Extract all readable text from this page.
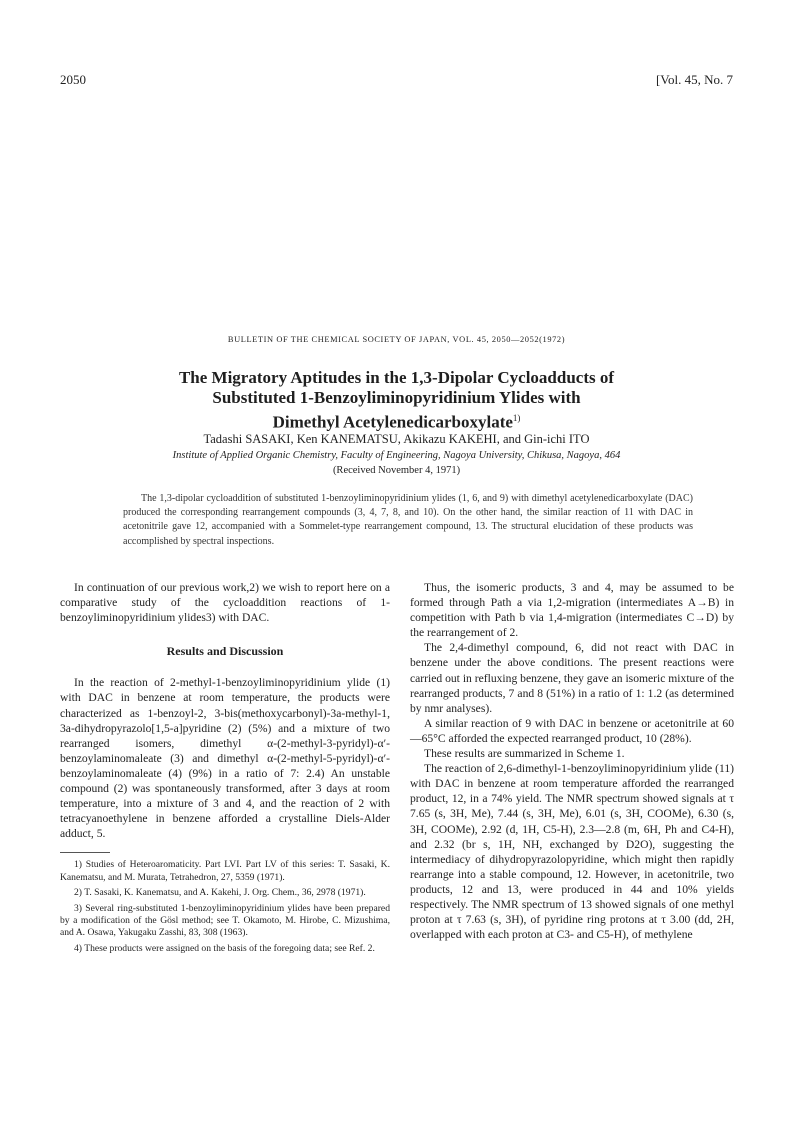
2050	[Vol. 45, No. 7
BULLETIN OF THE CHEMICAL SOCIETY OF JAPAN, VOL. 45, 2050—2052(1972)
The Migratory Aptitudes in the 1,3-Dipolar Cycloadducts of
Substituted 1-Benzoyliminopyridinium Ylides with
Dimethyl Acetylenedicarboxylate$^{1)}$
Tadashi SASAKI, Ken KANEMATSU, Akikazu KAKEHI, and Gin-ichi ITO
Institute of Applied Organic Chemistry, Faculty of Engineering, Nagoya University, Chikusa, Nagoya, 464
(Received November 4, 1971)
The 1,3-dipolar cycloaddition of substituted 1-benzoyliminopyridinium ylides (1, 6, and 9) with dimethyl acetylenedicarboxylate (DAC) produced the corresponding rearrangement compounds (3, 4, 7, 8, and 10). On the other hand, the similar reaction of 11 with DAC in acetonitrile gave 12, accompanied with a Sommelet-type rearrangement compound, 13. The structural elucidation of these products was accomplished by spectral inspections.

In continuation of our previous work,2) we wish to report here on a comparative study of the cycloaddition reactions of 1-benzoyliminopyridinium ylides3) with DAC.

Results and Discussion

In the reaction of 2-methyl-1-benzoyliminopyridinium ylide (1) with DAC in benzene at room temperature, the products were characterized as 1-benzoyl-2, 3-bis(methoxycarbonyl)-3a-methyl-1, 3a-dihydropyrazolo[1,5-a]pyridine (2) (5%) and a mixture of two rearranged isomers, dimethyl α-(2-methyl-3-pyridyl)-α′-benzoylaminomaleate (3) and dimethyl α-(2-methyl-5-pyridyl)-α′-benzoylaminomaleate (4) (9%) in a ratio of 7: 2.4) An unstable compound (2) was spontaneously transformed, after 3 days at room temperature, into a mixture of 3 and 4, and the reaction of 2 with tetracyanoethylene in benzene afforded a crystalline Diels-Alder adduct, 5.

1) Studies of Heteroaromaticity. Part LVI. Part LV of this series: T. Sasaki, K. Kanematsu, and M. Murata, Tetrahedron, 27, 5359 (1971).

2) T. Sasaki, K. Kanematsu, and A. Kakehi, J. Org. Chem., 36, 2978 (1971).

3) Several ring-substituted 1-benzoyliminopyridinium ylides have been prepared by a modification of the Gösl method; see T. Okamoto, M. Hirobe, C. Mizushima, and A. Osawa, Yakugaku Zasshi, 83, 308 (1963).

4) These products were assigned on the basis of the foregoing data; see Ref. 2.

Thus, the isomeric products, 3 and 4, may be assumed to be formed through Path a via 1,2-migration (intermediates A→B) in competition with Path b via 1,4-migration (intermediates C→D) by the rearrangement of 2.

The 2,4-dimethyl compound, 6, did not react with DAC in benzene under the above conditions. The present reactions were carried out in refluxing benzene, they gave an isomeric mixture of the rearranged products, 7 and 8 (51%) in a ratio of 1: 1.2 (as determined by nmr analyses).

A similar reaction of 9 with DAC in benzene or acetonitrile at 60—65°C afforded the expected rearranged product, 10 (28%).

These results are summarized in Scheme 1.

The reaction of 2,6-dimethyl-1-benzoyliminopyridinium ylide (11) with DAC in benzene at room temperature afforded the rearranged product, 12, in a 74% yield. The NMR spectrum showed signals at τ 7.65 (s, 3H, Me), 7.44 (s, 3H, Me), 6.01 (s, 3H, COOMe), 6.30 (s, 3H, COOMe), 2.92 (d, 1H, C5-H), 2.3—2.8 (m, 6H, Ph and C4-H), and 2.32 (br s, 1H, NH, exchanged by D2O), suggesting the intermediacy of dihydropyrazolopyridine, which might then rapidly rearrange into a stable compound, 12. However, in acetonitrile, two products, 12 and 13, were produced in 44 and 10% yields respectively. The NMR spectrum of 13 showed signals of one methyl proton at τ 7.63 (s, 3H), of pyridine ring protons at τ 3.00 (dd, 2H, overlapped with each proton at C3- and C5-H), of methylene
